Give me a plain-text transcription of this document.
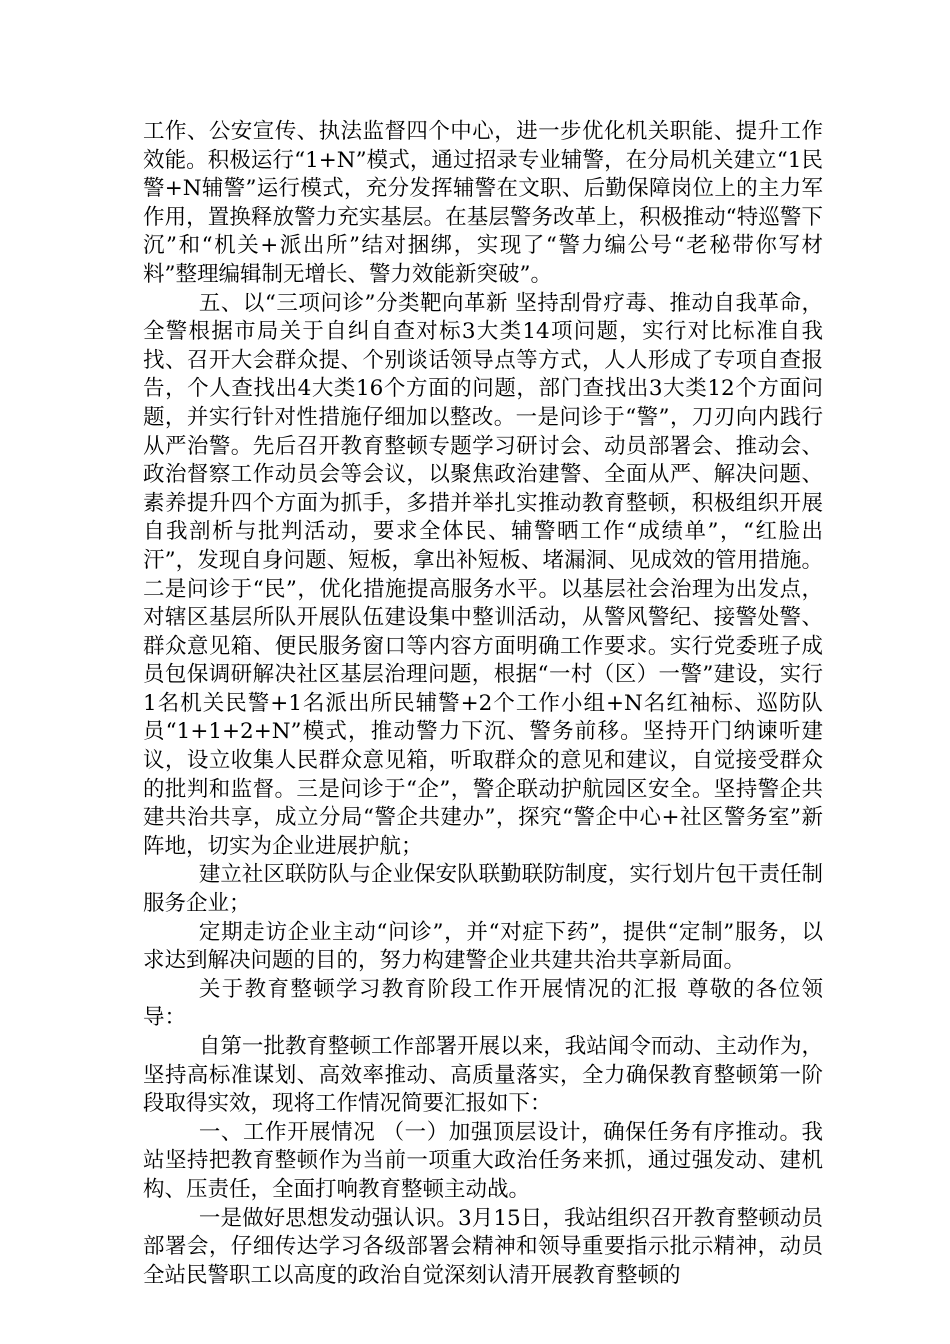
工作、公安宣传、执法监督四个中心，进一步优化机关职能、提升工作效能。积极运行“1+N”模式，通过招录专业辅警，在分局机关建立“1民警+N辅警”运行模式，充分发挥辅警在文职、后勤保障岗位上的主力军作用，置换释放警力充实基层。在基层警务改革上，积极推动“特巡警下沉”和“机关+派出所”结对捆绑，实现了“警力编公号“老秘带你写材料”整理编辑制无增长、警力效能新突破”。

五、以“三项问诊”分类靶向革新 坚持刮骨疗毒、推动自我革命，全警根据市局关于自纠自查对标3大类14项问题，实行对比标准自我找、召开大会群众提、个别谈话领导点等方式，人人形成了专项自查报告，个人查找出4大类16个方面的问题，部门查找出3大类12个方面问题，并实行针对性措施仔细加以整改。一是问诊于“警”，刀刃向内践行从严治警。先后召开教育整顿专题学习研讨会、动员部署会、推动会、政治督察工作动员会等会议，以聚焦政治建警、全面从严、解决问题、素养提升四个方面为抓手，多措并举扎实推动教育整顿，积极组织开展自我剖析与批判活动，要求全体民、辅警晒工作“成绩单”，“红脸出汗”，发现自身问题、短板，拿出补短板、堵漏洞、见成效的管用措施。二是问诊于“民”，优化措施提高服务水平。以基层社会治理为出发点，对辖区基层所队开展队伍建设集中整训活动，从警风警纪、接警处警、群众意见箱、便民服务窗口等内容方面明确工作要求。实行党委班子成员包保调研解决社区基层治理问题，根据“一村（区）一警”建设，实行1名机关民警+1名派出所民辅警+2个工作小组+N名红袖标、巡防队员“1+1+2+N”模式，推动警力下沉、警务前移。坚持开门纳谏听建议，设立收集人民群众意见箱，听取群众的意见和建议，自觉接受群众的批判和监督。三是问诊于“企”，警企联动护航园区安全。坚持警企共建共治共享，成立分局“警企共建办”，探究“警企中心+社区警务室”新阵地，切实为企业进展护航；

建立社区联防队与企业保安队联勤联防制度，实行划片包干责任制服务企业；

定期走访企业主动“问诊”，并“对症下药”，提供“定制”服务，以求达到解决问题的目的，努力构建警企业共建共治共享新局面。

关于教育整顿学习教育阶段工作开展情况的汇报 尊敬的各位领导：

自第一批教育整顿工作部署开展以来，我站闻令而动、主动作为，坚持高标准谋划、高效率推动、高质量落实，全力确保教育整顿第一阶段取得实效，现将工作情况简要汇报如下：

一、工作开展情况 （一）加强顶层设计，确保任务有序推动。我站坚持把教育整顿作为当前一项重大政治任务来抓，通过强发动、建机构、压责任，全面打响教育整顿主动战。

一是做好思想发动强认识。3月15日，我站组织召开教育整顿动员部署会，仔细传达学习各级部署会精神和领导重要指示批示精神，动员全站民警职工以高度的政治自觉深刻认清开展教育整顿的
